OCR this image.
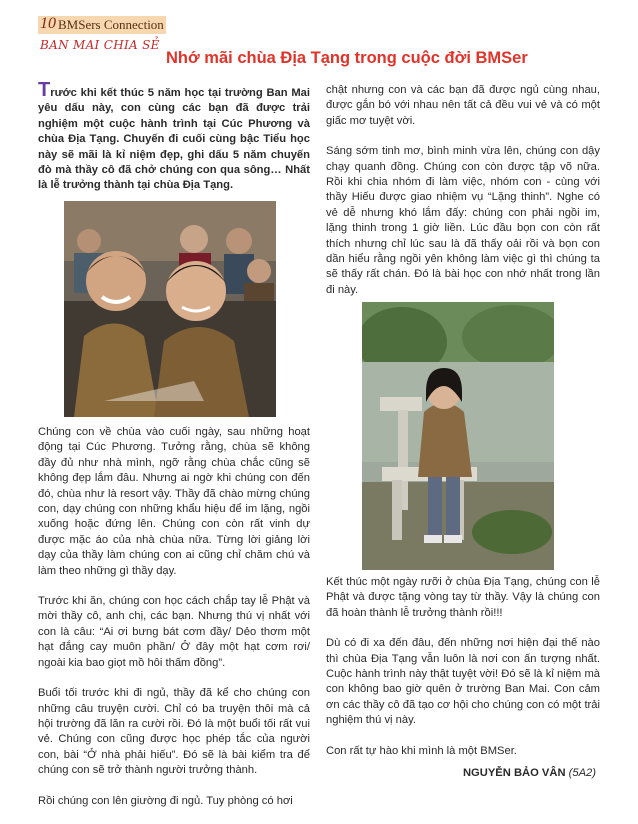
10 BMSers Connection
BAN MAI CHIA SẺ
Nhớ mãi chùa Địa Tạng trong cuộc đời BMSer

Trước khi kết thúc 5 năm học tại trường Ban Mai yêu dấu này, con cùng các bạn đã được trải nghiệm một cuộc hành trình tại Cúc Phương và chùa Địa Tạng. Chuyến đi cuối cùng bậc Tiểu học này sẽ mãi là kỉ niệm đẹp, ghi dấu 5 năm chuyến đò mà thầy cô đã chở chúng con qua sông… Nhất là lễ trưởng thành tại chùa Địa Tạng.

Chúng con về chùa vào cuối ngày, sau những hoạt động tại Cúc Phương. Tưởng rằng, chùa sẽ không đầy đủ như nhà mình, ngỡ rằng chùa chắc cũng sẽ không đẹp lắm đâu. Nhưng ai ngờ khi chúng con đến đó, chùa như là resort vậy. Thầy đã chào mừng chúng con, dạy chúng con những khẩu hiệu để im lặng, ngồi xuống hoặc đứng lên. Chúng con còn rất vinh dự được mặc áo của nhà chùa nữa. Từng lời giảng lời dạy của thầy làm chúng con ai cũng chỉ chăm chú và làm theo những gì thầy dạy.

Trước khi ăn, chúng con học cách chắp tay lễ Phật và mời thầy cô, anh chị, các bạn. Nhưng thú vị nhất với con là câu: “Ai ơi bưng bát cơm đầy/ Dẻo thơm một hạt đắng cay muôn phần/ Ở đây một hạt cơm rơi/ ngoài kia bao giọt mồ hôi thấm đồng”.

Buổi tối trước khi đi ngủ, thầy đã kể cho chúng con những câu truyện cười. Chỉ có ba truyện thôi mà cả hội trường đã lăn ra cười rồi. Đó là một buổi tối rất vui vẻ. Chúng con cũng được học phép tắc của người con, bài “Ở nhà phải hiếu”. Đó sẽ là bài kiểm tra để chúng con sẽ trở thành người trưởng thành.

Rồi chúng con lên giường đi ngủ. Tuy phòng có hơi

chật nhưng con và các bạn đã được ngủ cùng nhau, được gắn bó với nhau nên tất cả đều vui vẻ và có một giấc mơ tuyệt vời.

Sáng sớm tinh mơ, bình minh vừa lên, chúng con dậy chạy quanh đồng. Chúng con còn được tập võ nữa. Rồi khi chia nhóm đi làm việc, nhóm con - cùng với thầy Hiếu được giao nhiệm vụ “Lặng thinh”. Nghe có vẻ dễ nhưng khó lắm đấy: chúng con phải ngồi im, lặng thinh trong 1 giờ liền. Lúc đầu bọn con còn rất thích nhưng chỉ lúc sau là đã thấy oải rồi và bọn con dần hiểu rằng ngồi yên không làm việc gì thì chúng ta sẽ thấy rất chán. Đó là bài học con nhớ nhất trong lần đi này.

Kết thúc một ngày rưỡi ở chùa Địa Tạng, chúng con lễ Phật và được tặng vòng tay từ thầy. Vậy là chúng con đã hoàn thành lễ trưởng thành rồi!!!

Dù có đi xa đến đâu, đến những nơi hiện đại thế nào thì chùa Địa Tạng vẫn luôn là nơi con ấn tượng nhất. Cuộc hành trình này thật tuyệt vời! Đó sẽ là kỉ niệm mà con không bao giờ quên ở trường Ban Mai. Con cảm ơn các thầy cô đã tạo cơ hội cho chúng con có một trải nghiệm thú vị này.

Con rất tự hào khi mình là một BMSer.

NGUYỄN BẢO VÂN (5A2)
